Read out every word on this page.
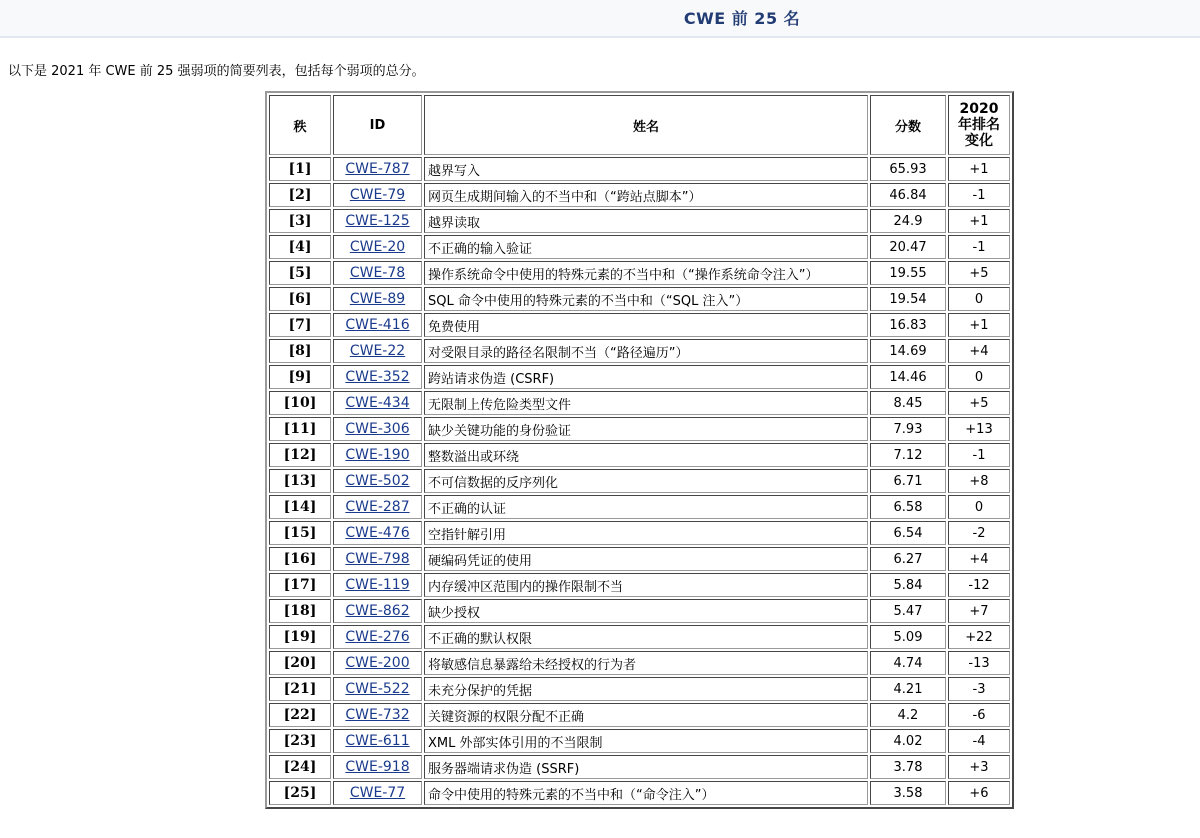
CWE 前 25 名
以下是 2021 年 CWE 前 25 强弱项的简要列表，包括每个弱项的总分。
秩	ID	姓名	分数	2020
年排名
变化
[1]	CWE-787	越界写入	65.93	+1
[2]	CWE-79	网页生成期间输入的不当中和（“跨站点脚本”）	46.84	-1
[3]	CWE-125	越界读取	24.9	+1
[4]	CWE-20	不正确的输入验证	20.47	-1
[5]	CWE-78	操作系统命令中使用的特殊元素的不当中和（“操作系统命令注入”）	19.55	+5
[6]	CWE-89	SQL 命令中使用的特殊元素的不当中和（“SQL 注入”）	19.54	0
[7]	CWE-416	免费使用	16.83	+1
[8]	CWE-22	对受限目录的路径名限制不当（“路径遍历”）	14.69	+4
[9]	CWE-352	跨站请求伪造 (CSRF)	14.46	0
[10]	CWE-434	无限制上传危险类型文件	8.45	+5
[11]	CWE-306	缺少关键功能的身份验证	7.93	+13
[12]	CWE-190	整数溢出或环绕	7.12	-1
[13]	CWE-502	不可信数据的反序列化	6.71	+8
[14]	CWE-287	不正确的认证	6.58	0
[15]	CWE-476	空指针解引用	6.54	-2
[16]	CWE-798	硬编码凭证的使用	6.27	+4
[17]	CWE-119	内存缓冲区范围内的操作限制不当	5.84	-12
[18]	CWE-862	缺少授权	5.47	+7
[19]	CWE-276	不正确的默认权限	5.09	+22
[20]	CWE-200	将敏感信息暴露给未经授权的行为者	4.74	-13
[21]	CWE-522	未充分保护的凭据	4.21	-3
[22]	CWE-732	关键资源的权限分配不正确	4.2	-6
[23]	CWE-611	XML 外部实体引用的不当限制	4.02	-4
[24]	CWE-918	服务器端请求伪造 (SSRF)	3.78	+3
[25]	CWE-77	命令中使用的特殊元素的不当中和（“命令注入”）	3.58	+6
